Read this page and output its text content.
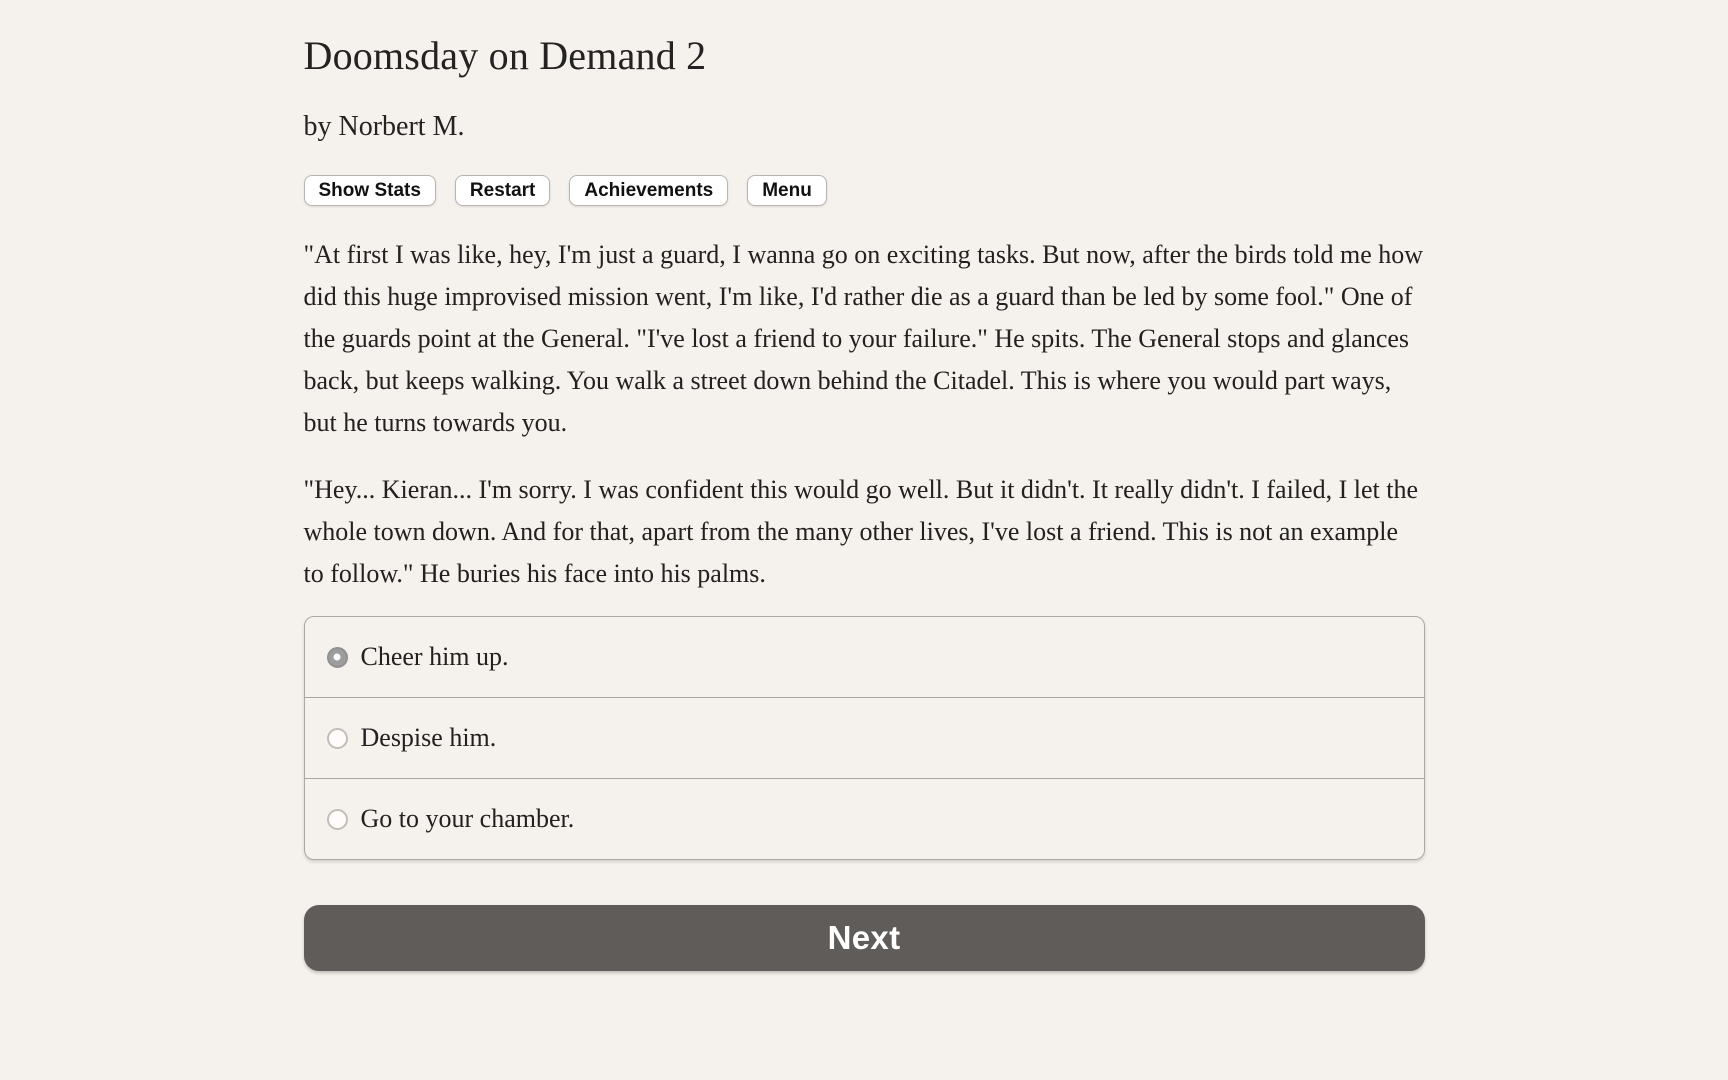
Doomsday on Demand 2
by Norbert M.
Show Stats	Restart	Achievements	Menu

"At first I was like, hey, I'm just a guard, I wanna go on exciting tasks. But now, after the birds told me how did this huge improvised mission went, I'm like, I'd rather die as a guard than be led by some fool." One of the guards point at the General. "I've lost a friend to your failure." He spits. The General stops and glances back, but keeps walking. You walk a street down behind the Citadel. This is where you would part ways, but he turns towards you.

"Hey... Kieran... I'm sorry. I was confident this would go well. But it didn't. It really didn't. I failed, I let the whole town down. And for that, apart from the many other lives, I've lost a friend. This is not an example to follow." He buries his face into his palms.

Cheer him up.
Despise him.
Go to your chamber.
Next
